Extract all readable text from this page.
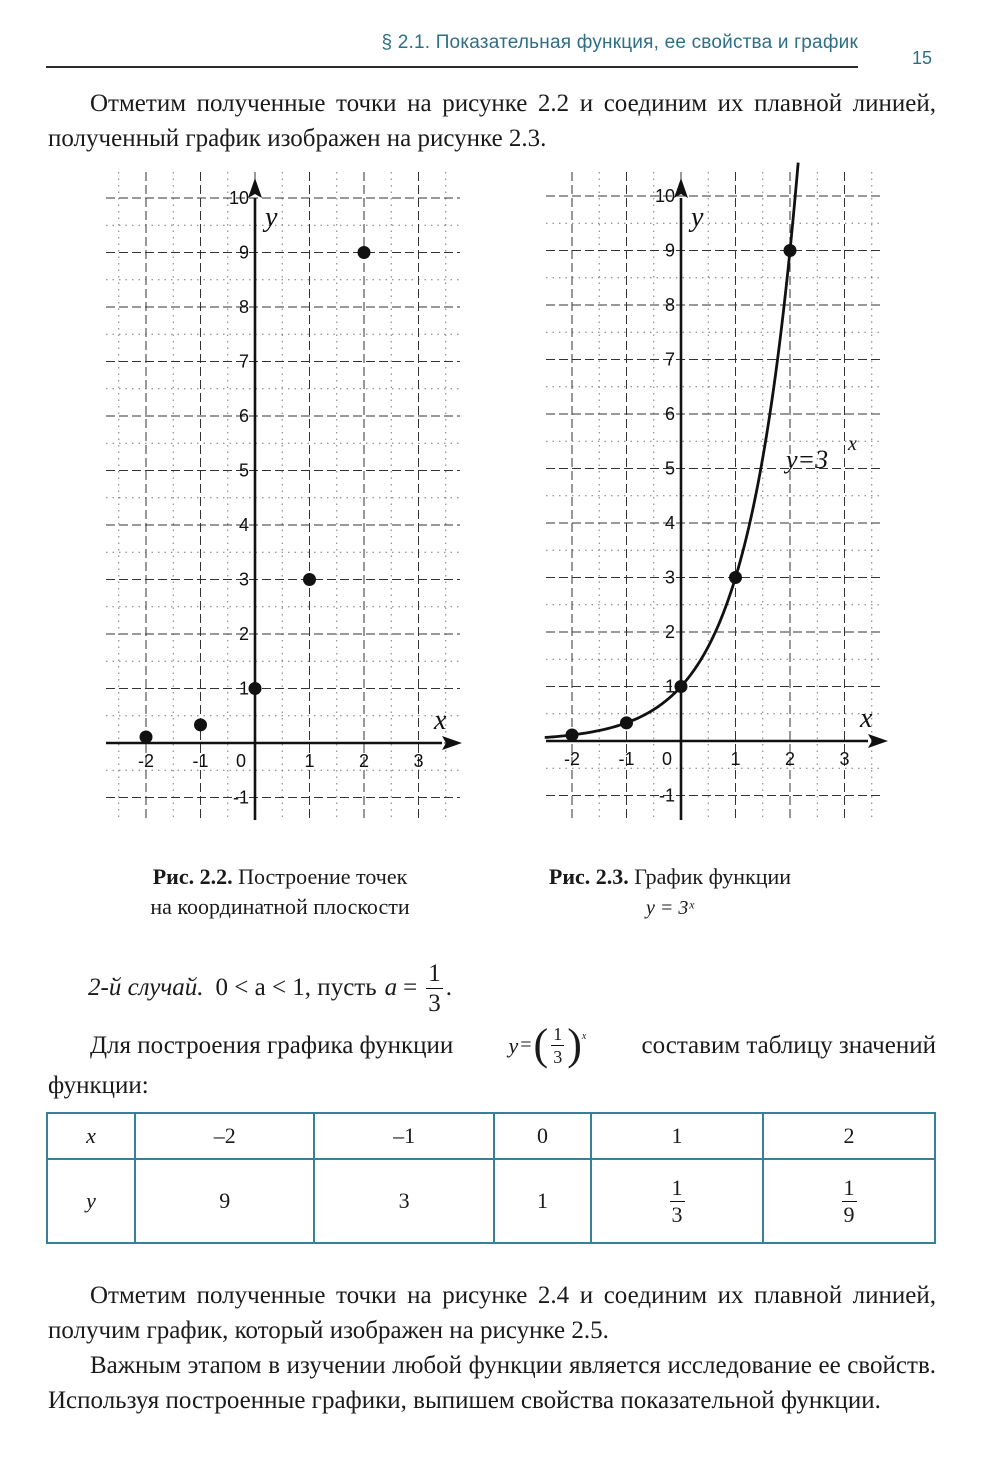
§ 2.1. Показательная функция, ее свойства и график
15

Отметим полученные точки на рисунке 2.2 и соединим их плавной линией, полученный график изображен на рисунке 2.3.

-2 -1 0	1 2 3
-1
1
2
3
4
5
6
7
8
9
10
x
y
-2 -1 0	1 2 3
-1
1
2
3
4
5
6
7
8
9
10
x
y
y=3
x
Рис. 2.2. Построение точек
на координатной плоскости
Рис. 2.3. График функции
y = 3ˣ
2-й случай. 0 < a < 1, пусть $a = \frac{1}{3}$ .
Для построения графика функции	y = ( $\frac{1}{3}$ ) x составим таблицу значений
функции:
x	–2	–1	0	1	2
y	9	3	1	$\frac{1}{3}$	$\frac{1}{9}$

Отметим полученные точки на рисунке 2.4 и соединим их плавной линией, получим график, который изображен на рисунке 2.5.

Важным этапом в изучении любой функции является исследование ее свойств. Используя построенные графики, выпишем свойства показательной функции.
